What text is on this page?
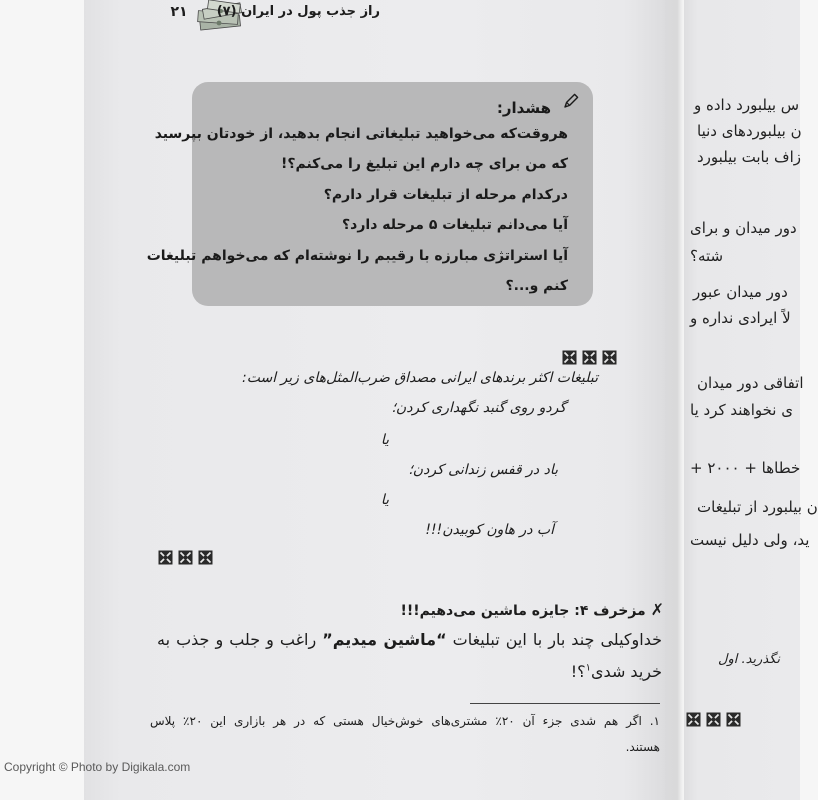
۲۱	راز جذب پول در ایران (۷)
هشدار:
هروقت‌که می‌خواهید تبلیغاتی انجام بدهید، از خودتان بپرسید
که من برای چه دارم این تبلیغ را می‌کنم؟!
درکدام مرحله از تبلیغات قرار دارم؟
آیا می‌دانم تبلیغات ۵ مرحله دارد؟
آیا استراتژی مبارزه با رقیبم را نوشته‌ام که می‌خواهم تبلیغات
کنم و...؟
تبلیغات اکثر برندهای ایرانی مصداق ضرب‌المثل‌های زیر است:
گردو روی گنبد نگهداری کردن؛
یا
باد در قفس زندانی کردن؛
یا
آب در هاون کوبیدن!!!
✗ مزخرف ۴: جایزه ماشین می‌دهیم!!!
خداوکیلی چند بار با این تبلیغات “ماشین میدیم” راغب و جلب و جذب به
خرید شدی$^۱$؟!
۱. اگر هم شدی جزء آن ۲۰٪ مشتری‌های خوش‌خیال هستی که در هر بازاری این ۲۰٪ پلاس
هستند.
س بیلبورد داده و
ن بیلبوردهای دنیا
زاف بابت بیلبورد
دور میدان و برای
شته؟
دور میدان عبور
لاً ایرادی نداره و
اتفاقی دور میدان
ی نخواهند کرد یا
خطاها + ۲۰۰۰ +
ن بیلبورد از تبلیغات
ید، ولی دلیل نیست
نگذرید. اول
Copyright © Photo by Digikala.com
